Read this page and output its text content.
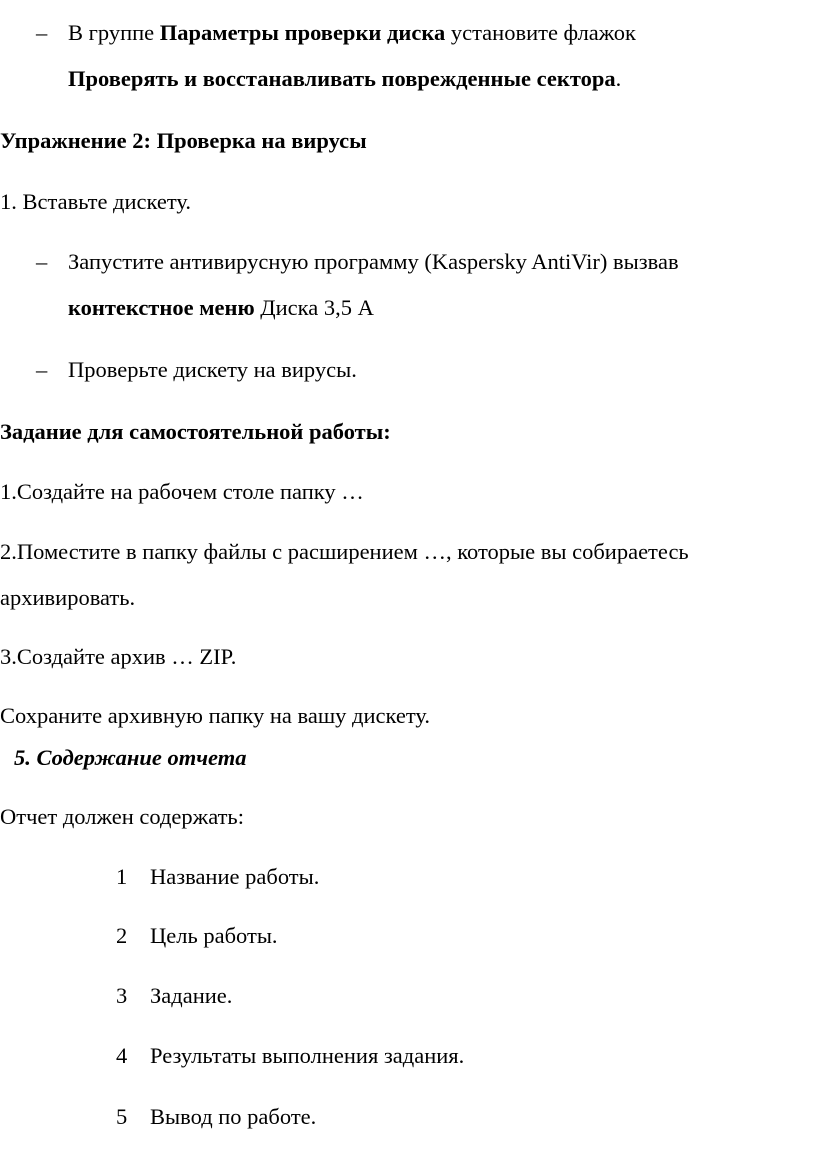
– В группе Параметры проверки диска установите флажок
Проверять и восстанавливать поврежденные сектора.
Упражнение 2: Проверка на вирусы
1. Вставьте дискету.
– Запустите антивирусную программу (Kaspersky AntiVir) вызвав
контекстное меню Диска 3,5 А
– Проверьте дискету на вирусы.
Задание для самостоятельной работы:
1.Создайте на рабочем столе папку …
2.Поместите в папку файлы с расширением …, которые вы собираетесь
архивировать.
3.Создайте архив … ZIP.
Сохраните архивную папку на вашу дискету.
5. Содержание отчета
Отчет должен содержать:
1 Название работы.
2 Цель работы.
3 Задание.
4 Результаты выполнения задания.
5 Вывод по работе.
